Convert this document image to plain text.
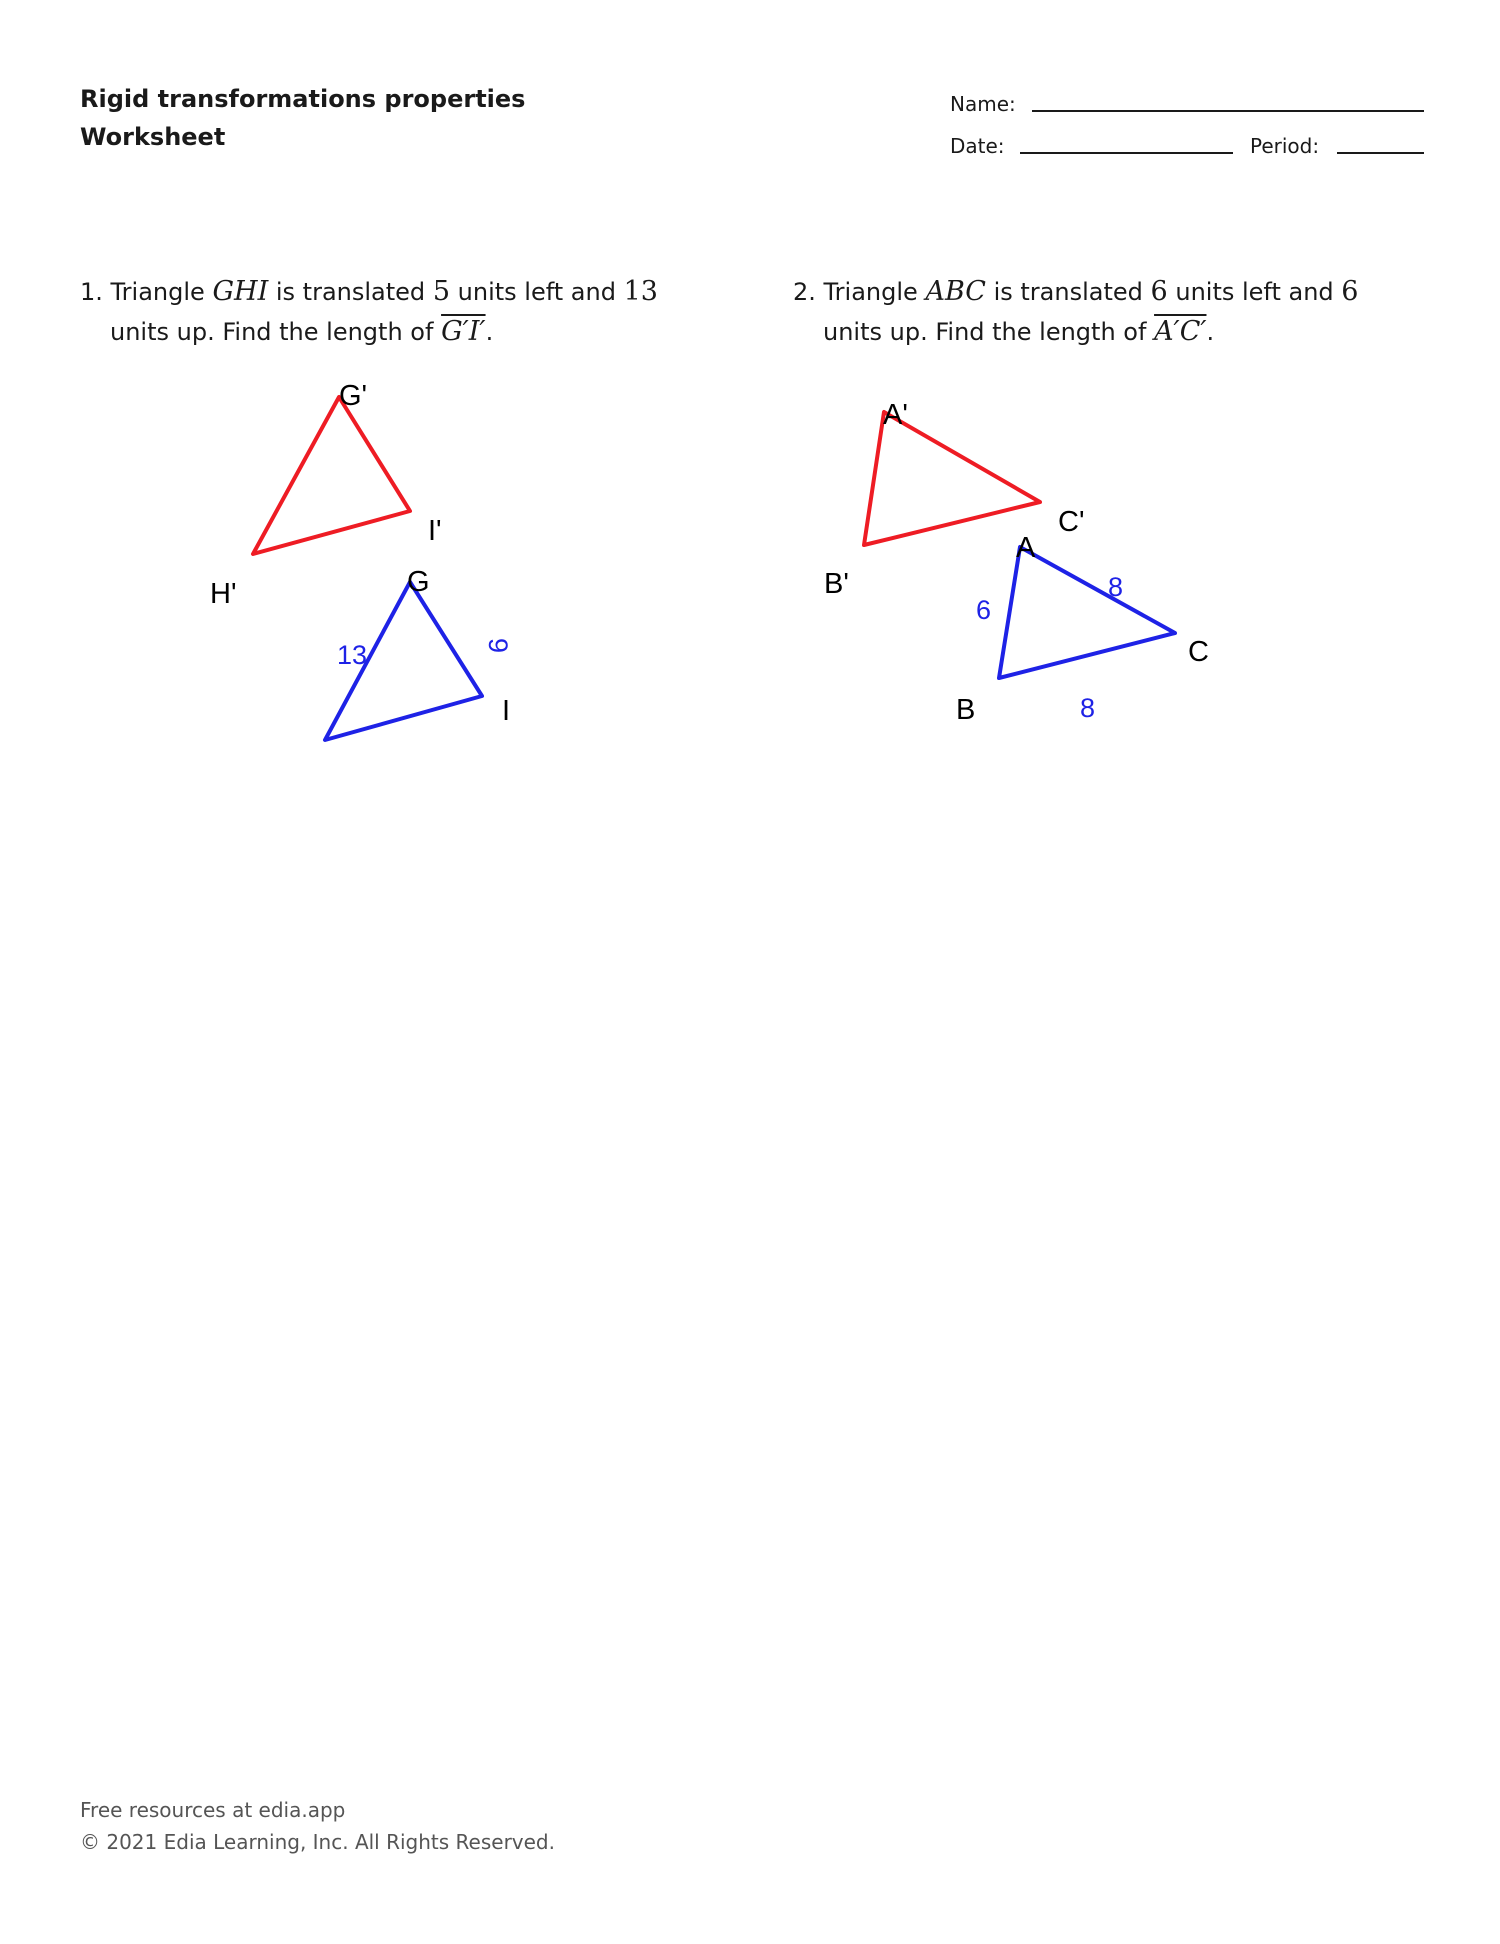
Rigid transformations properties
Worksheet
Name:
Date:	Period:
1. Triangle GHI is translated 5 units left and 13
units up. Find the length of G′I′.
2. Triangle ABC is translated 6 units left and 6
units up. Find the length of A′C′.
G'
H'
I'
G
I
13	9
A'
B'
C'
A
B
C
6
8
8
Free resources at edia.app
© 2021 Edia Learning, Inc. All Rights Reserved.
